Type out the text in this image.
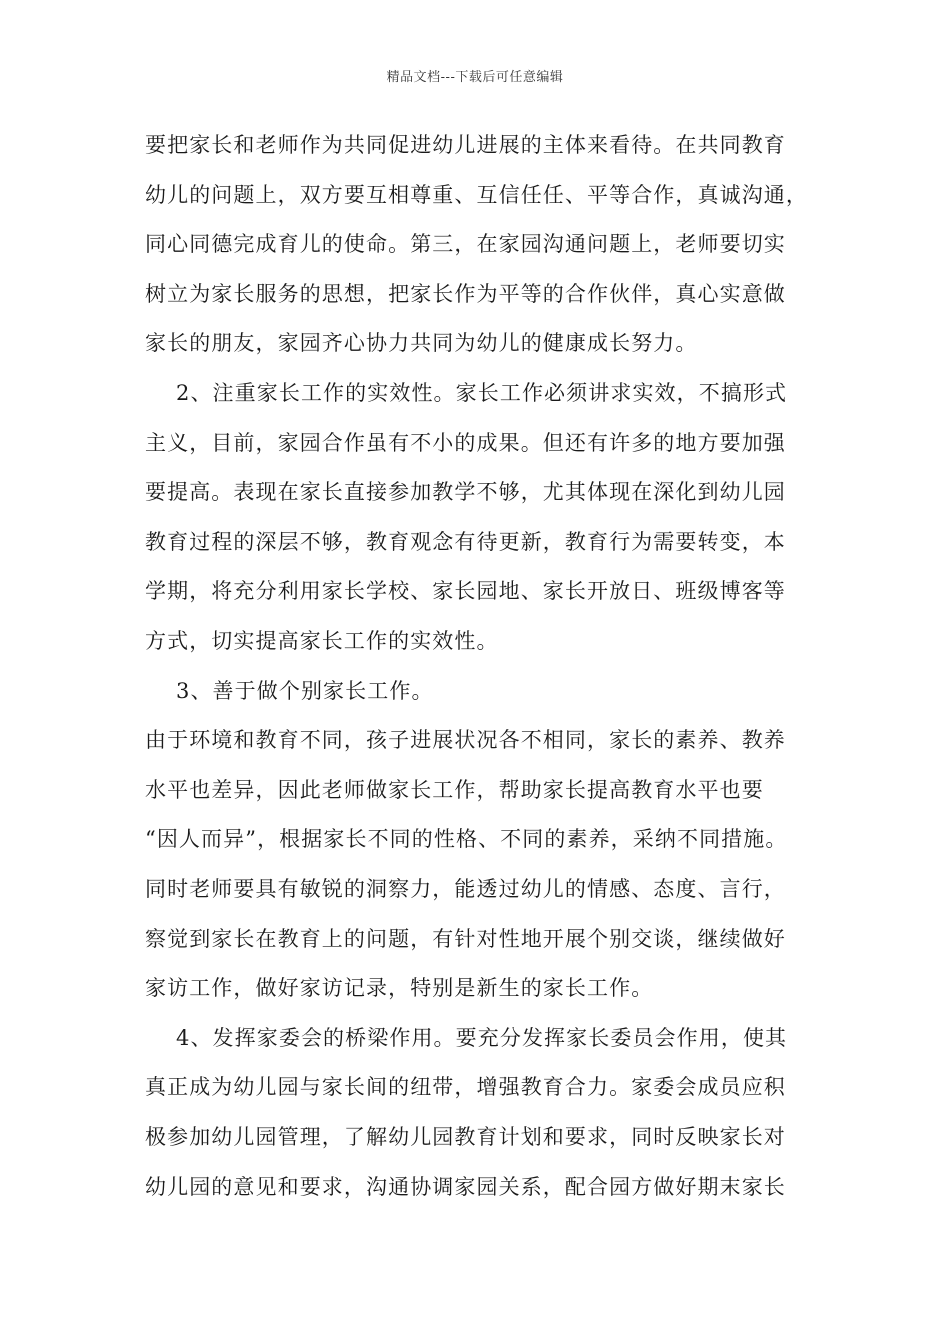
精品文档---下载后可任意编辑
要把家长和老师作为共同促进幼儿进展的主体来看待。在共同教育
幼儿的问题上，双方要互相尊重、互信任任、平等合作，真诚沟通，
同心同德完成育儿的使命。第三，在家园沟通问题上，老师要切实
树立为家长服务的思想，把家长作为平等的合作伙伴，真心实意做
家长的朋友，家园齐心协力共同为幼儿的健康成长努力。
2、注重家长工作的实效性。家长工作必须讲求实效，不搞形式
主义，目前，家园合作虽有不小的成果。但还有许多的地方要加强
要提高。表现在家长直接参加教学不够，尤其体现在深化到幼儿园
教育过程的深层不够，教育观念有待更新，教育行为需要转变，本
学期，将充分利用家长学校、家长园地、家长开放日、班级博客等
方式，切实提高家长工作的实效性。
3、善于做个别家长工作。
由于环境和教育不同，孩子进展状况各不相同，家长的素养、教养
水平也差异，因此老师做家长工作，帮助家长提高教育水平也要
“因人而异”，根据家长不同的性格、不同的素养，采纳不同措施。
同时老师要具有敏锐的洞察力，能透过幼儿的情感、态度、言行，
察觉到家长在教育上的问题，有针对性地开展个别交谈，继续做好
家访工作，做好家访记录，特别是新生的家长工作。
4、发挥家委会的桥梁作用。要充分发挥家长委员会作用，使其
真正成为幼儿园与家长间的纽带，增强教育合力。家委会成员应积
极参加幼儿园管理，了解幼儿园教育计划和要求，同时反映家长对
幼儿园的意见和要求，沟通协调家园关系，配合园方做好期末家长
